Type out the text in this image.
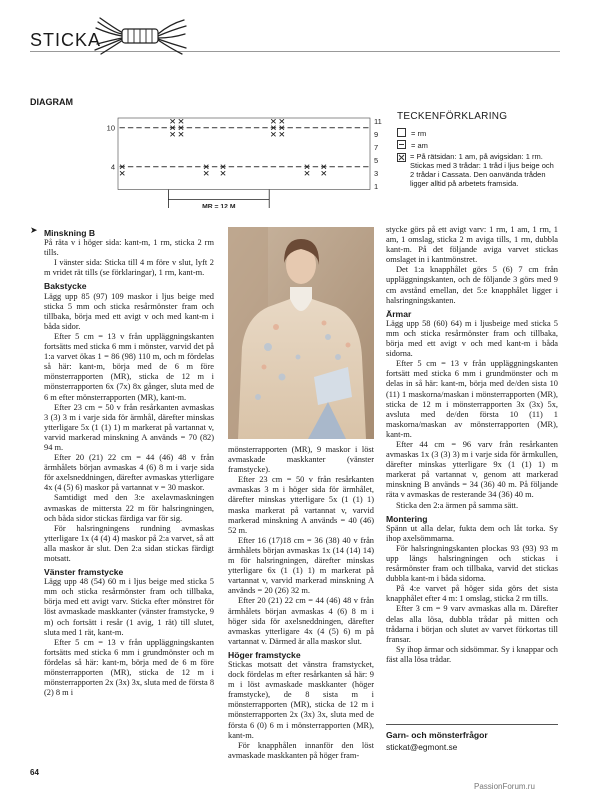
STICKA
DIAGRAM
11
9
7
5
3
1
10
4
MR = 12 M
TECKENFÖRKLARING
= rm
= am
= På rätsidan: 1 am, på avigsidan: 1 rm. Stickas med 3 trådar: 1 tråd i ljus beige och 2 trådar i Cassata. Den oanvända tråden ligger alltid på arbetets framsida.
➤ Minskning B

På räta v i höger sida: kant-m, 1 rm, sticka 2 rm tills.

I vänster sida: Sticka till 4 m före v slut, lyft 2 m vridet rät tills (se förklaringar), 1 rm, kant-m.

Bakstycke

Lägg upp 85 (97) 109 maskor i ljus beige med sticka 5 mm och sticka resårmönster fram och tillbaka, börja med ett avigt v och med kant-m i båda sidor.

Efter 5 cm = 13 v från uppläggningskanten fortsätts med sticka 6 mm i mönster, varvid det på 1:a varvet ökas 1 = 86 (98) 110 m, och m fördelas så här: kant-m, börja med de 6 m före mönsterrapporten (MR), sticka de 12 m i mönsterrapporten 6x (7x) 8x gånger, sluta med de 6 m efter mönsterrapporten (MR), kant-m.

Efter 23 cm = 50 v från resårkanten avmaskas 3 (3) 3 m i varje sida för ärmhål, därefter minskas ytterligare 5x (1 (1) 1) m markerat på vartannat v, varvid markerad minskning A används = 70 (82) 94 m.

Efter 20 (21) 22 cm = 44 (46) 48 v från ärmhålets början avmaskas 4 (6) 8 m i varje sida för axelsneddningen, därefter avmaskas ytterligare 4x (4 (5) 6) maskor på vartannat v = 30 maskor.

Samtidigt med den 3:e axelavmaskningen avmaskas de mittersta 22 m för halsringningen, och båda sidor stickas färdiga var för sig.

För halsringningens rundning avmaskas ytterligare 1x (4 (4) 4) maskor på 2:a varvet, så att alla maskor är slut. Den 2:a sidan stickas färdigt motsatt.

Vänster framstycke

Lägg upp 48 (54) 60 m i ljus beige med sticka 5 mm och sticka resårmönster fram och tillbaka, börja med ett avigt varv. Sticka efter mönstret för löst avmaskade maskkanter (vänster framstycke, 9 m) och fortsätt i resår (1 avig, 1 rät) till slutet, sluta med 1 rät, kant-m.

Efter 5 cm = 13 v från uppläggningskanten fortsätts med sticka 6 mm i grundmönster och m fördelas så här: kant-m, börja med de 6 m före mönsterrapporten (MR), sticka de 12 m i mönsterrapporten 2x (3x) 3x, sluta med de första 8 (2) 8 m i

mönsterrapporten (MR), 9 maskor i löst avmaskade maskkanter (vänster framstycke).

Efter 23 cm = 50 v från resårkanten avmaskas 3 m i höger sida för ärmhålet, därefter minskas ytterligare 5x (1 (1) 1) maska markerat på vartannat v, varvid markerad minskning A används = 40 (46) 52 m.

Efter 16 (17)18 cm = 36 (38) 40 v från ärmhålets början avmaskas 1x (14 (14) 14) m för halsringningen, därefter minskas ytterligare 6x (1 (1) 1) m markerat på vartannat v, varvid markerad minskning A används = 20 (26) 32 m.

Efter 20 (21) 22 cm = 44 (46) 48 v från ärmhålets början avmaskas 4 (6) 8 m i höger sida för axelsneddningen, därefter avmaskas ytterligare 4x (4 (5) 6) m på vartannat v. Därmed är alla maskor slut.

Höger framstycke

Stickas motsatt det vänstra framstycket, dock fördelas m efter resårkanten så här: 9 m i löst avmaskade maskkanter (höger framstycke), de 8 sista m i mönsterrapporten (MR), sticka de 12 m i mönsterrapporten 2x (3x) 3x, sluta med de första 6 (0) 6 m i mönsterrapporten (MR), kant-m.

För knapphålen innanför den löst avmaskade maskkanten på höger fram-

stycke görs på ett avigt varv: 1 rm, 1 am, 1 rm, 1 am, 1 omslag, sticka 2 m aviga tills, 1 rm, dubbla kant-m. På det följande aviga varvet stickas omslaget in i kantmönstret.

Det 1:a knapphålet görs 5 (6) 7 cm från uppläggningskanten, och de följande 3 görs med 9 cm avstånd emellan, det 5:e knapphålet ligger i halsringningskanten.

Ärmar

Lägg upp 58 (60) 64) m i ljusbeige med sticka 5 mm och sticka resårmönster fram och tillbaka, börja med ett avigt v och med kant-m i båda sidorna.

Efter 5 cm = 13 v från uppläggningskanten fortsätt med sticka 6 mm i grundmönster och m delas in så här: kant-m, börja med de/den sista 10 (11) 1 maskorna/maskan i mönsterrapporten (MR), sticka de 12 m i mönsterrapporten 3x (3x) 5x, avsluta med de/den första 10 (11) 1 maskorna/maskan av mönsterrapporten (MR), kant-m.

Efter 44 cm = 96 varv från resårkanten avmaskas 1x (3 (3) 3) m i varje sida för ärmkullen, därefter minskas ytterligare 9x (1 (1) 1) m markerat på vartannat v, genom att markerad minskning B används = 34 (36) 40 m. På följande räta v avmaskas de resterande 34 (36) 40 m.

Sticka den 2:a ärmen på samma sätt.

Montering

Spänn ut alla delar, fukta dem och låt torka. Sy ihop axelsömmarna.

För halsringningskanten plockas 93 (93) 93 m upp längs halsringningen och stickas i resårmönster fram och tillbaka, varvid det stickas dubbla kant-m i båda sidorna.

På 4:e varvet på höger sida görs det sista knapphålet efter 4 m: 1 omslag, sticka 2 rm tills.

Efter 3 cm = 9 varv avmaskas alla m. Därefter delas alla lösa, dubbla trådar på mitten och trådarna i början och slutet av varvet förkortas till fransar.

Sy ihop ärmar och sidsömmar. Sy i knappar och fäst alla lösa trådar.

Garn- och mönsterfrågor
stickat@egmont.se
64
PassionForum.ru
